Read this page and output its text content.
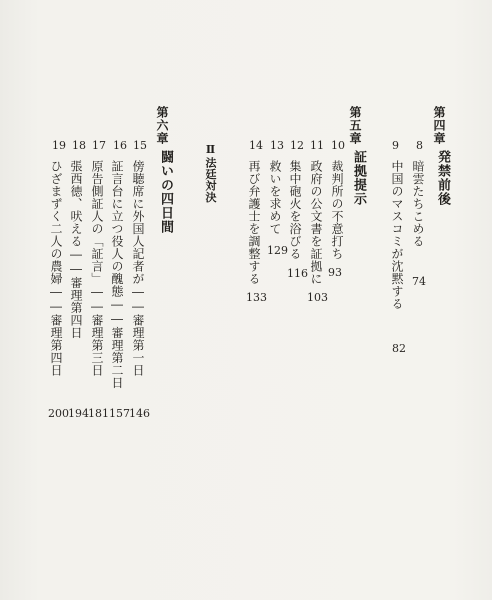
第四章
発禁前後
8
暗雲たちこめる
74
9
中国のマスコミが沈黙する
82
第五章
証拠提示
10
裁判所の不意打ち
93
11
政府の公文書を証拠に
103
12
集中砲火を浴びる
116
13
救いを求めて
129
14
再び弁護士を調整する
133
Ⅱ
法廷対決
第六章
闘いの四日間
15
傍聴席に外国人記者が――審理第一日
146
16
証言台に立つ役人の醜態――審理第二日
157
17
原告側証人の「証言」――審理第三日
181
18
張西徳、吠える――審理第四日
194
19
ひざまずく二人の農婦――審理第四日
200
